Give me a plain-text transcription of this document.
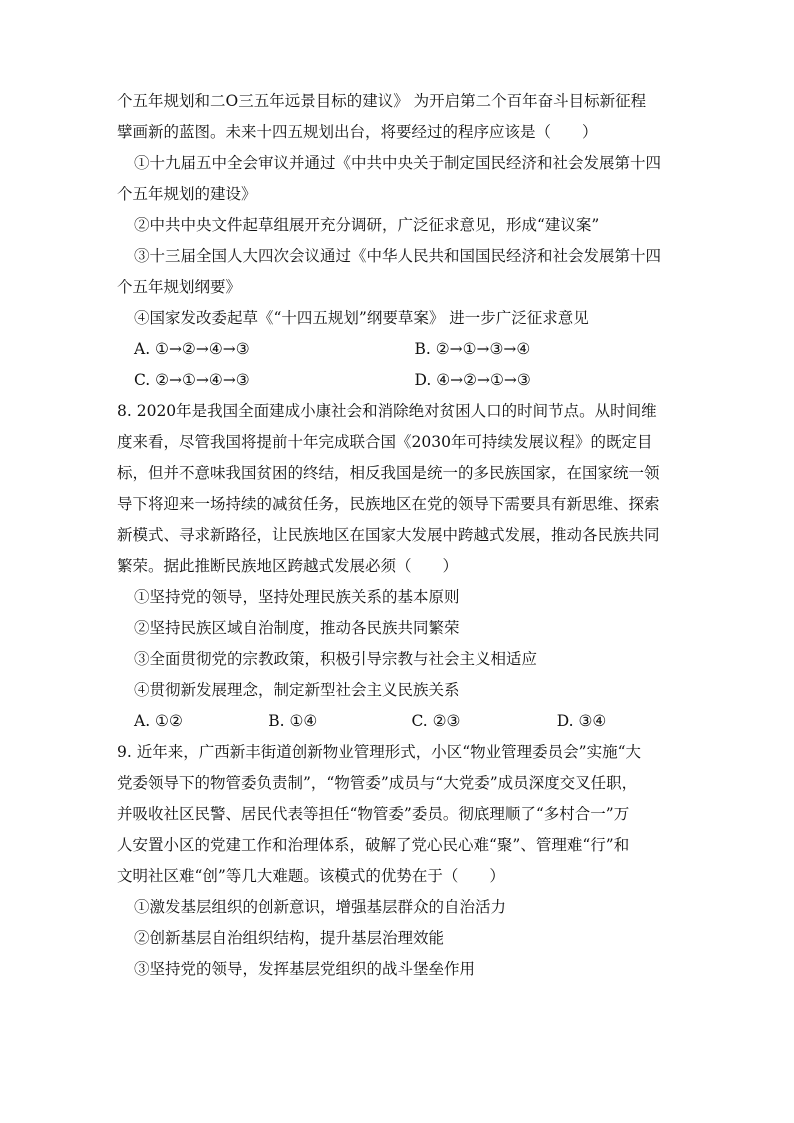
个五年规划和二O三五年远景目标的建议》 为开启第二个百年奋斗目标新征程
擘画新的蓝图。未来十四五规划出台，将要经过的程序应该是（　　）
①十九届五中全会审议并通过《中共中央关于制定国民经济和社会发展第十四
个五年规划的建设》
②中共中央文件起草组展开充分调研，广泛征求意见，形成“建议案”
③十三届全国人大四次会议通过《中华人民共和国国民经济和社会发展第十四
个五年规划纲要》
④国家发改委起草《“十四五规划”纲要草案》 进一步广泛征求意见
A. ①→②→④→③	B. ②→①→③→④
C. ②→①→④→③	D. ④→②→①→③
8. 2020年是我国全面建成小康社会和消除绝对贫困人口的时间节点。从时间维
度来看，尽管我国将提前十年完成联合国《2030年可持续发展议程》的既定目
标，但并不意味我国贫困的终结，相反我国是统一的多民族国家，在国家统一领
导下将迎来一场持续的减贫任务，民族地区在党的领导下需要具有新思维、探索
新模式、寻求新路径，让民族地区在国家大发展中跨越式发展，推动各民族共同
繁荣。据此推断民族地区跨越式发展必须（　　）
①坚持党的领导，坚持处理民族关系的基本原则
②坚持民族区域自治制度，推动各民族共同繁荣
③全面贯彻党的宗教政策，积极引导宗教与社会主义相适应
④贯彻新发展理念，制定新型社会主义民族关系
A. ①②	B. ①④	C. ②③	D. ③④
9. 近年来，广西新丰街道创新物业管理形式，小区“物业管理委员会”实施“大
党委领导下的物管委负责制”，“物管委”成员与“大党委”成员深度交叉任职，
并吸收社区民警、居民代表等担任“物管委”委员。彻底理顺了“多村合一”万
人安置小区的党建工作和治理体系，破解了党心民心难“聚”、管理难“行”和
文明社区难“创”等几大难题。该模式的优势在于（　　）
①激发基层组织的创新意识，增强基层群众的自治活力
②创新基层自治组织结构，提升基层治理效能
③坚持党的领导，发挥基层党组织的战斗堡垒作用
